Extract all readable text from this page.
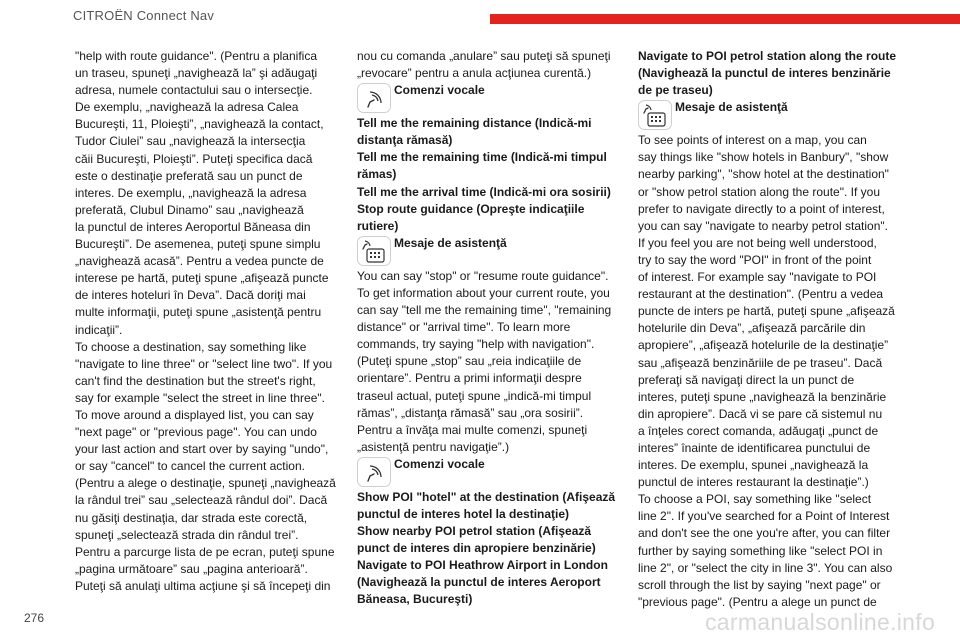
CITROËN Connect Nav

"help with route guidance". (Pentru a planifica
un traseu, spuneţi „navighează la” şi adăugaţi
adresa, numele contactului sau o intersecţie.
De exemplu, „navighează la adresa Calea
Bucureşti, 11, Ploieşti”, „navighează la contact,
Tudor Ciulei” sau „navighează la intersecţia
căii Bucureşti, Ploieşti”. Puteţi specifica dacă
este o destinaţie preferată sau un punct de
interes. De exemplu, „navighează la adresa
preferată, Clubul Dinamo” sau „navighează
la punctul de interes Aeroportul Băneasa din
Bucureşti”. De asemenea, puteţi spune simplu
„navighează acasă”. Pentru a vedea puncte de
interese pe hartă, puteţi spune „afişează puncte
de interes hoteluri în Deva”. Dacă doriţi mai
multe informaţii, puteţi spune „asistenţă pentru
indicaţii”.
To choose a destination, say something like
"navigate to line three" or "select line two". If you
can't find the destination but the street's right,
say for example "select the street in line three".
To move around a displayed list, you can say
"next page" or "previous page". You can undo
your last action and start over by saying "undo",
or say "cancel" to cancel the current action.
(Pentru a alege o destinaţie, spuneţi „navighează
la rândul trei” sau „selectează rândul doi”. Dacă
nu găsiţi destinaţia, dar strada este corectă,
spuneţi „selectează strada din rândul trei”.
Pentru a parcurge lista de pe ecran, puteţi spune
„pagina următoare” sau „pagina anterioară”.
Puteţi să anulaţi ultima acţiune şi să începeţi din

nou cu comanda „anulare” sau puteţi să spuneţi
„revocare” pentru a anula acţiunea curentă.)

Comenzi vocale

Tell me the remaining distance (Indică-mi
distanţa rămasă)
Tell me the remaining time (Indică-mi timpul
rămas)
Tell me the arrival time (Indică-mi ora sosirii)
Stop route guidance (Opreşte indicaţiile
rutiere)

Mesaje de asistenţă

You can say "stop" or "resume route guidance".
To get information about your current route, you
can say "tell me the remaining time", "remaining
distance" or "arrival time". To learn more
commands, try saying "help with navigation".
(Puteţi spune „stop” sau „reia indicaţiile de
orientare”. Pentru a primi informaţii despre
traseul actual, puteţi spune „indică-mi timpul
rămas”, „distanţa rămasă” sau „ora sosirii”.
Pentru a învăţa mai multe comenzi, spuneţi
„asistenţă pentru navigaţie”.)

Comenzi vocale

Show POI "hotel" at the destination (Afişează
punctul de interes hotel la destinaţie)
Show nearby POI petrol station (Afişează
punct de interes din apropiere benzinărie)
Navigate to POI Heathrow Airport in London
(Navighează la punctul de interes Aeroport
Băneasa, Bucureşti)

Navigate to POI petrol station along the route
(Navighează la punctul de interes benzinărie
de pe traseu)

Mesaje de asistenţă

To see points of interest on a map, you can
say things like "show hotels in Banbury", "show
nearby parking", "show hotel at the destination"
or "show petrol station along the route". If you
prefer to navigate directly to a point of interest,
you can say "navigate to nearby petrol station".
If you feel you are not being well understood,
try to say the word "POI" in front of the point
of interest. For example say "navigate to POI
restaurant at the destination". (Pentru a vedea
puncte de inters pe hartă, puteţi spune „afişează
hotelurile din Deva”, „afişează parcările din
apropiere”, „afişează hotelurile de la destinaţie”
sau „afişează benzinăriile de pe traseu”. Dacă
preferaţi să navigaţi direct la un punct de
interes, puteţi spune „navighează la benzinărie
din apropiere”. Dacă vi se pare că sistemul nu
a înţeles corect comanda, adăugaţi „punct de
interes” înainte de identificarea punctului de
interes. De exemplu, spunei „navighează la
punctul de interes restaurant la destinaţie”.)
To choose a POI, say something like "select
line 2". If you've searched for a Point of Interest
and don't see the one you're after, you can filter
further by saying something like "select POI in
line 2", or "select the city in line 3". You can also
scroll through the list by saying "next page" or
"previous page". (Pentru a alege un punct de

276	carmanualsonline.info
